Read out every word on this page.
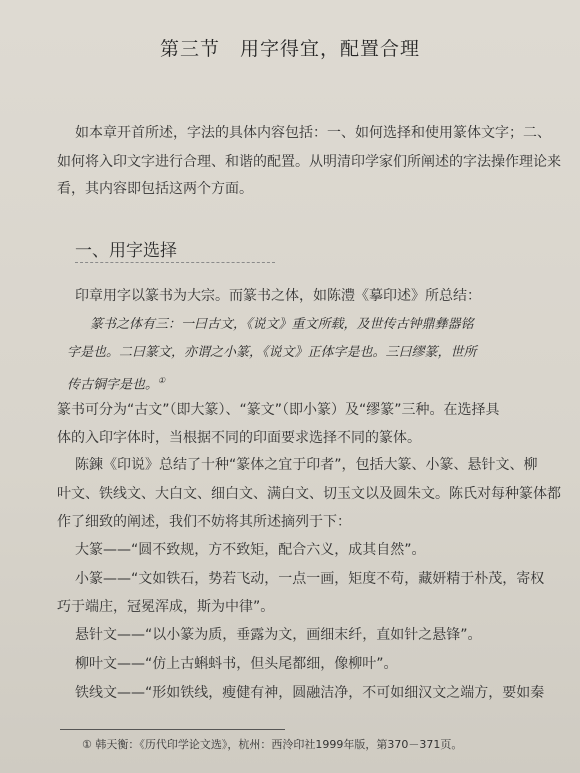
第三节　用字得宜，配置合理
如本章开首所述，字法的具体内容包括：一、如何选择和使用篆体文字；二、
如何将入印文字进行合理、和谐的配置。从明清印学家们所阐述的字法操作理论来
看，其内容即包括这两个方面。
一、用字选择
印章用字以篆书为大宗。而篆书之体，如陈澧《摹印述》所总结：
篆书之体有三：一曰古文，《说文》重文所载，及世传古钟鼎彝器铭
字是也。二曰篆文，亦谓之小篆，《说文》正体字是也。三曰缪篆，世所
传古铜字是也。①
篆书可分为“古文”（即大篆）、“篆文”（即小篆）及“缪篆”三种。在选择具
体的入印字体时，当根据不同的印面要求选择不同的篆体。
陈鍊《印说》总结了十种“篆体之宜于印者”，包括大篆、小篆、悬针文、柳
叶文、铁线文、大白文、细白文、满白文、切玉文以及圆朱文。陈氏对每种篆体都
作了细致的阐述，我们不妨将其所述摘列于下：
大篆——“圆不致规，方不致矩，配合六义，成其自然”。
小篆——“文如铁石，势若飞动，一点一画，矩度不苟，藏妍精于朴茂，寄权
巧于端庄，冠冕浑成，斯为中律”。
悬针文——“以小篆为质，垂露为文，画细末纤，直如针之悬锋”。
柳叶文——“仿上古蝌蚪书，但头尾都细，像柳叶”。
铁线文——“形如铁线，瘦健有神，圆融洁净，不可如细汉文之端方，要如秦
① 韩天衡：《历代印学论文选》，杭州：西泠印社1999年版，第370－371页。
